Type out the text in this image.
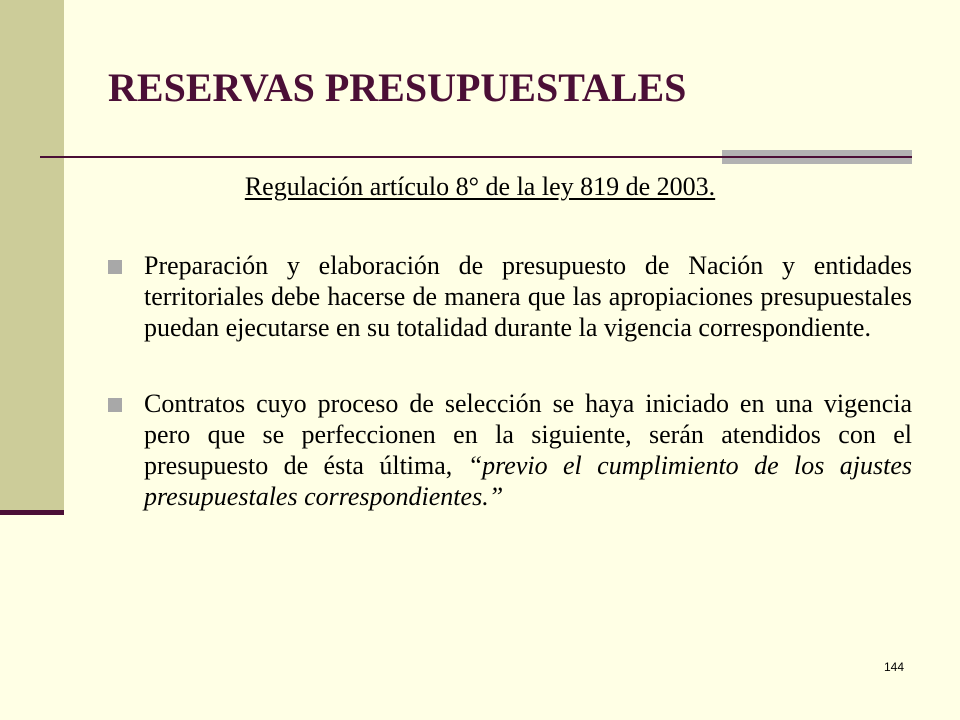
RESERVAS PRESUPUESTALES
Regulación artículo 8° de la ley 819 de 2003.
Preparación y elaboración de presupuesto de Nación y entidades territoriales debe hacerse de manera que las apropiaciones presupuestales puedan ejecutarse en su totalidad durante la vigencia correspondiente.
Contratos cuyo proceso de selección se haya iniciado en una vigencia pero que se perfeccionen en la siguiente, serán atendidos con el presupuesto de ésta última, “previo el cumplimiento de los ajustes presupuestales correspondientes.”
144
